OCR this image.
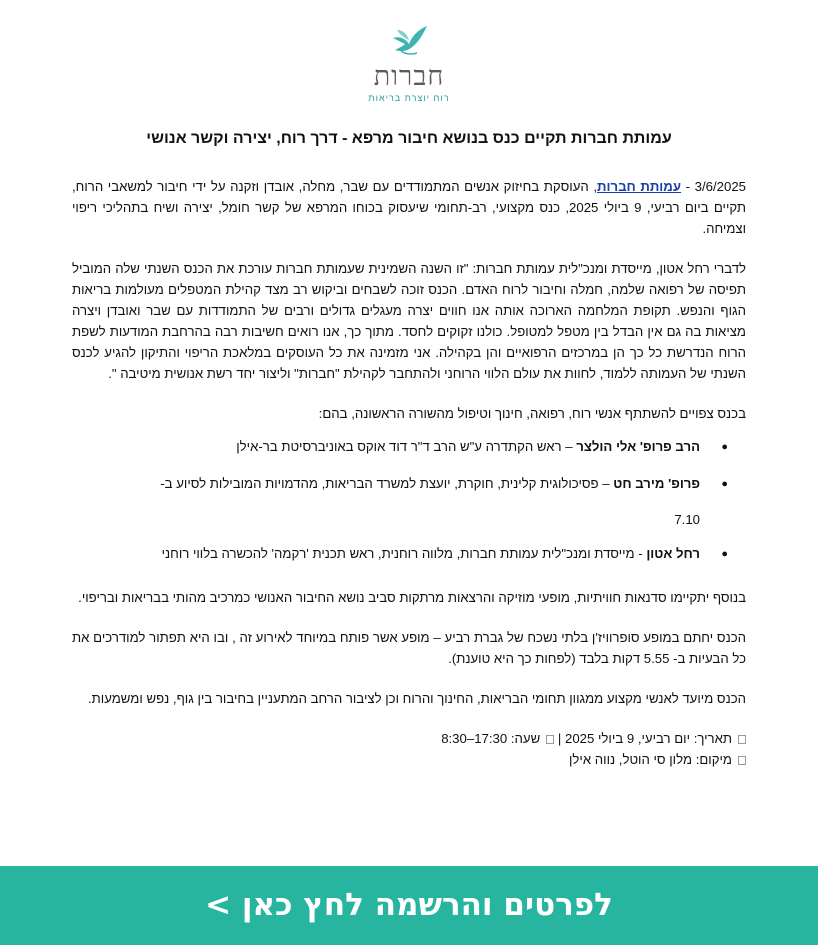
חברות
רוח יוצרת בריאות
עמותת חברות תקיים כנס בנושא חיבור מרפא - דרך רוח, יצירה וקשר אנושי

3/6/2025 - עמותת חברות, העוסקת בחיזוק אנשים המתמודדים עם שבר, מחלה, אובדן וזקנה על ידי חיבור למשאבי הרוח, תקיים ביום רביעי, 9 ביולי 2025, כנס מקצועי, רב-תחומי שיעסוק בכוחו המרפא של קשר חומל, יצירה ושיח בתהליכי ריפוי וצמיחה.

לדברי רחל אטון, מייסדת ומנכ"לית עמותת חברות: "זו השנה השמינית שעמותת חברות עורכת את הכנס השנתי שלה המוביל תפיסה של רפואה שלמה, חמלה וחיבור לרוח האדם. הכנס זוכה לשבחים וביקוש רב מצד קהילת המטפלים מעולמות בריאות הגוף והנפש. תקופת המלחמה הארוכה אותה אנו חווים יצרה מעגלים גדולים ורבים של התמודדות עם שבר ואובדן ויצרה מציאות בה גם אין הבדל בין מטפל למטופל. כולנו זקוקים לחסד. מתוך כך, אנו רואים חשיבות רבה בהרחבת המודעות לשפת הרוח הנדרשת כל כך הן במרכזים הרפואיים והן בקהילה. אני מזמינה את כל העוסקים במלאכת הריפוי והתיקון להגיע לכנס השנתי של העמותה ללמוד, לחוות את עולם הלווי הרוחני ולהתחבר לקהילת "חברות" וליצור יחד רשת אנושית מיטיבה ".

בכנס צפויים להשתתף אנשי רוח, רפואה, חינוך וטיפול מהשורה הראשונה, בהם:

●
הרב פרופ' אלי הולצר – ראש הקתדרה ע"ש הרב ד"ר דוד אוקס באוניברסיטת בר-אילן
●
פרופ' מירב חט – פסיכולוגית קלינית, חוקרת, יועצת למשרד הבריאות, מהדמויות המובילות לסיוע ב-
7.10
●
רחל אטון - מייסדת ומנכ"לית עמותת חברות, מלווה רוחנית, ראש תכנית 'רקמה' להכשרה בלווי רוחני

בנוסף יתקיימו סדנאות חוויתיות, מופעי מוזיקה והרצאות מרתקות סביב נושא החיבור האנושי כמרכיב מהותי בבריאות ובריפוי.

הכנס יחתם במופע סופרוויז'ן בלתי נשכח של גברת רביע – מופע אשר פותח במיוחד לאירוע זה , ובו היא תפתור למודרכים את כל הבעיות ב- 5.55 דקות בלבד (לפחות כך היא טוענת).

הכנס מיועד לאנשי מקצוע ממגוון תחומי הבריאות, החינוך והרוח וכן לציבור הרחב המתעניין בחיבור בין גוף, נפש ומשמעות.

תאריך: יום רביעי, 9 ביולי 2025 | שעה: 8:30–17:30
מיקום: מלון סי הוטל, נווה אילן
לפרטים והרשמה לחץ כאן >
